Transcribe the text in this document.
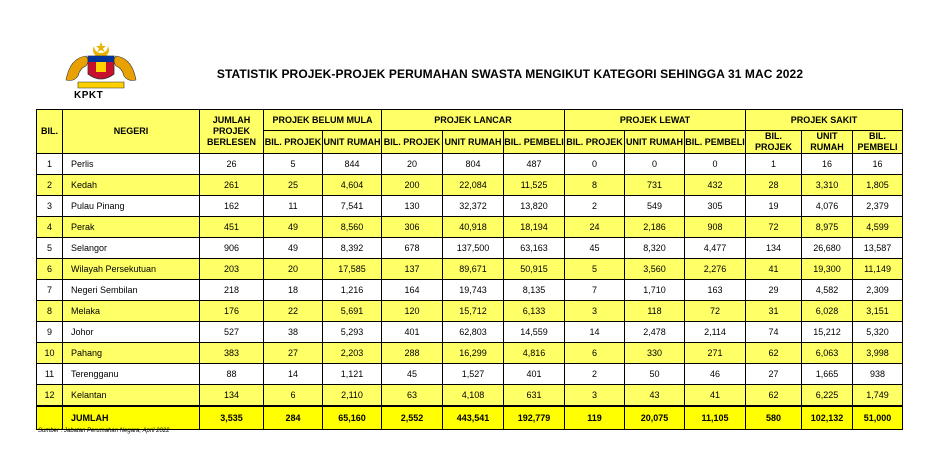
KPKT
STATISTIK PROJEK-PROJEK PERUMAHAN SWASTA MENGIKUT KATEGORI SEHINGGA 31 MAC 2022
BIL.	NEGERI	JUMLAH PROJEK BERLESEN	PROJEK BELUM MULA		PROJEK LANCAR			PROJEK LEWAT			PROJEK SAKIT		
			BIL. PROJEK	UNIT RUMAH	BIL. PROJEK	UNIT RUMAH	BIL. PEMBELI	BIL. PROJEK	UNIT RUMAH	BIL. PEMBELI	BIL. PROJEK	UNIT RUMAH	BIL. PEMBELI
1	Perlis	26	5	844	20	804	487	0	0	0	1	16	16
2	Kedah	261	25	4,604	200	22,084	11,525	8	731	432	28	3,310	1,805
3	Pulau Pinang	162	11	7,541	130	32,372	13,820	2	549	305	19	4,076	2,379
4	Perak	451	49	8,560	306	40,918	18,194	24	2,186	908	72	8,975	4,599
5	Selangor	906	49	8,392	678	137,500	63,163	45	8,320	4,477	134	26,680	13,587
6	Wilayah Persekutuan	203	20	17,585	137	89,671	50,915	5	3,560	2,276	41	19,300	11,149
7	Negeri Sembilan	218	18	1,216	164	19,743	8,135	7	1,710	163	29	4,582	2,309
8	Melaka	176	22	5,691	120	15,712	6,133	3	118	72	31	6,028	3,151
9	Johor	527	38	5,293	401	62,803	14,559	14	2,478	2,114	74	15,212	5,320
10	Pahang	383	27	2,203	288	16,299	4,816	6	330	271	62	6,063	3,998
11	Terengganu	88	14	1,121	45	1,527	401	2	50	46	27	1,665	938
12	Kelantan	134	6	2,110	63	4,108	631	3	43	41	62	6,225	1,749
	JUMLAH	3,535	284	65,160	2,552	443,541	192,779	119	20,075	11,105	580	102,132	51,000
Sumber : Jabatan Perumahan Negara, April 2022
